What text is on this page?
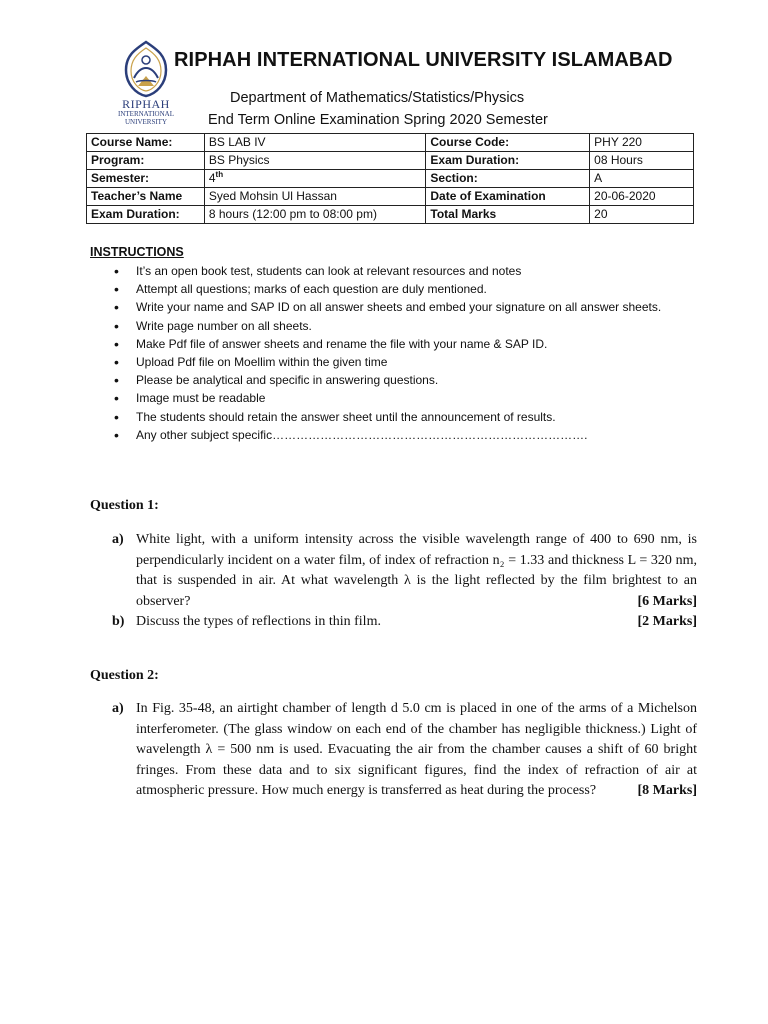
RIPHAH
INTERNATIONAL
UNIVERSITY
RIPHAH INTERNATIONAL UNIVERSITY ISLAMABAD
Department of Mathematics/Statistics/Physics
End Term Online Examination Spring 2020 Semester
Course Name:	BS LAB IV	Course Code:	PHY 220
Program:	BS Physics	Exam Duration:	08 Hours
Semester:	4th	Section:	A
Teacher’s Name	Syed Mohsin Ul Hassan	Date of Examination	20-06-2020
Exam Duration:	8 hours (12:00 pm to 08:00 pm)	Total Marks	20
INSTRUCTIONS
• It’s an open book test, students can look at relevant resources and notes
• Attempt all questions; marks of each question are duly mentioned.
• Write your name and SAP ID on all answer sheets and embed your signature on all answer sheets.
• Write page number on all sheets.
• Make Pdf file of answer sheets and rename the file with your name & SAP ID.
• Upload Pdf file on Moellim within the given time
• Please be analytical and specific in answering questions.
• Image must be readable
• The students should retain the answer sheet until the announcement of results.
• Any other subject specific…………………………………………………………………….
Question 1:
a) White light, with a uniform intensity across the visible wavelength range of 400 to 690 nm, is perpendicularly incident on a water film, of index of refraction n₂ = 1.33 and thickness L = 320 nm, that is suspended in air. At what wavelength λ is the light reflected by the film brightest to an observer?	[6 Marks]
b) Discuss the types of reflections in thin film.	[2 Marks]
Question 2:
a) In Fig. 35-48, an airtight chamber of length d 5.0 cm is placed in one of the arms of a Michelson interferometer. (The glass window on each end of the chamber has negligible thickness.) Light of wavelength λ = 500 nm is used. Evacuating the air from the chamber causes a shift of 60 bright fringes. From these data and to six significant figures, find the index of refraction of air at atmospheric pressure. How much energy is transferred as heat during the process?	[8 Marks]
